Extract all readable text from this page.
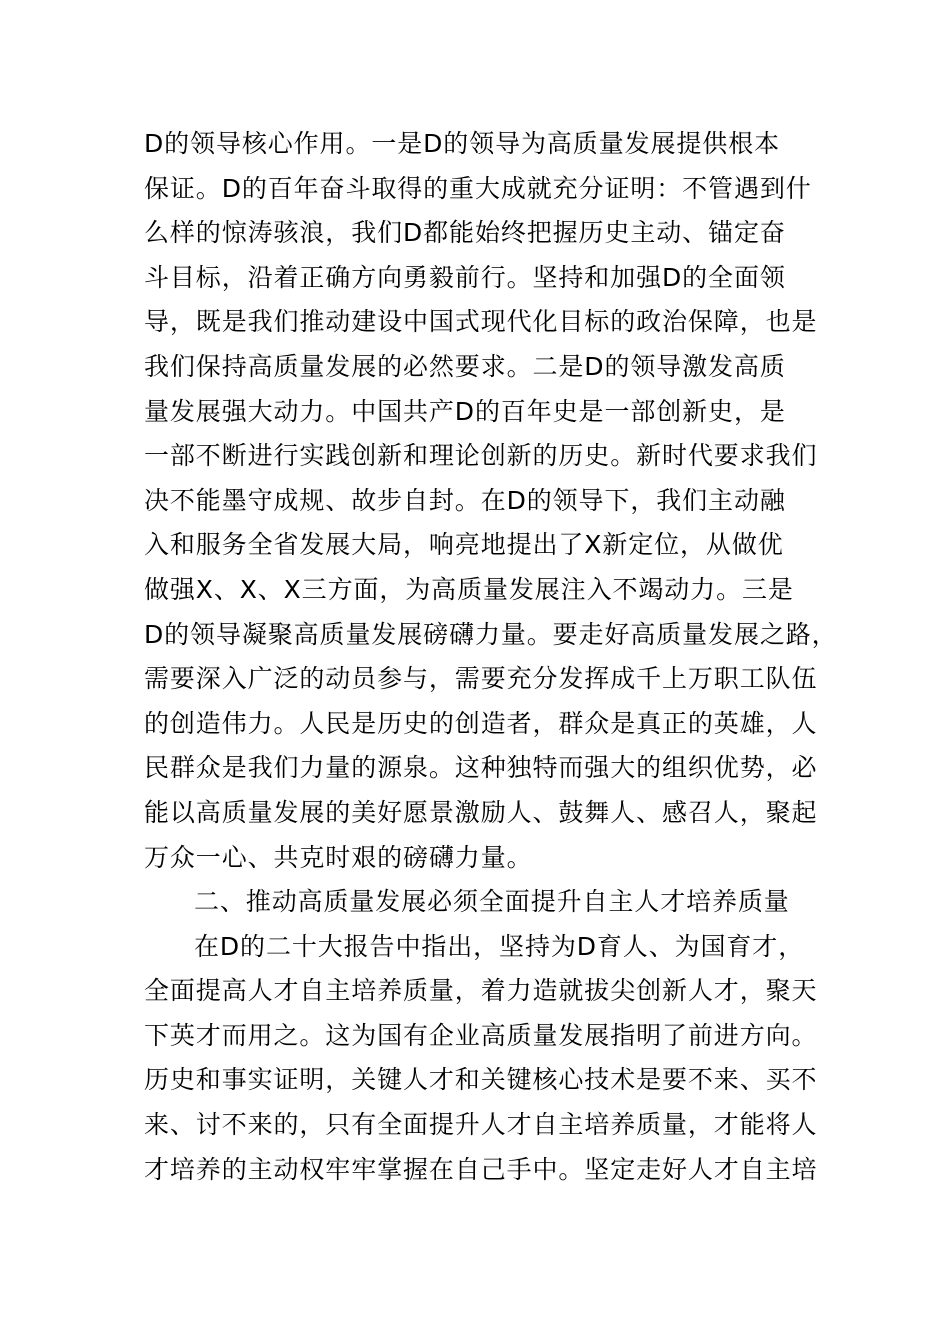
D的领导核心作用。一是D的领导为高质量发展提供根本
保证。D的百年奋斗取得的重大成就充分证明：不管遇到什
么样的惊涛骇浪，我们D都能始终把握历史主动、锚定奋
斗目标，沿着正确方向勇毅前行。坚持和加强D的全面领
导，既是我们推动建设中国式现代化目标的政治保障，也是
我们保持高质量发展的必然要求。二是D的领导激发高质
量发展强大动力。中国共产D的百年史是一部创新史，是
一部不断进行实践创新和理论创新的历史。新时代要求我们
决不能墨守成规、故步自封。在D的领导下，我们主动融
入和服务全省发展大局，响亮地提出了X新定位，从做优
做强X、X、X三方面，为高质量发展注入不竭动力。三是
D的领导凝聚高质量发展磅礴力量。要走好高质量发展之路，
需要深入广泛的动员参与，需要充分发挥成千上万职工队伍
的创造伟力。人民是历史的创造者，群众是真正的英雄，人
民群众是我们力量的源泉。这种独特而强大的组织优势，必
能以高质量发展的美好愿景激励人、鼓舞人、感召人，聚起
万众一心、共克时艰的磅礴力量。
二、推动高质量发展必须全面提升自主人才培养质量
在D的二十大报告中指出，坚持为D育人、为国育才，
全面提高人才自主培养质量，着力造就拔尖创新人才，聚天
下英才而用之。这为国有企业高质量发展指明了前进方向。
历史和事实证明，关键人才和关键核心技术是要不来、买不
来、讨不来的，只有全面提升人才自主培养质量，才能将人
才培养的主动权牢牢掌握在自己手中。坚定走好人才自主培
